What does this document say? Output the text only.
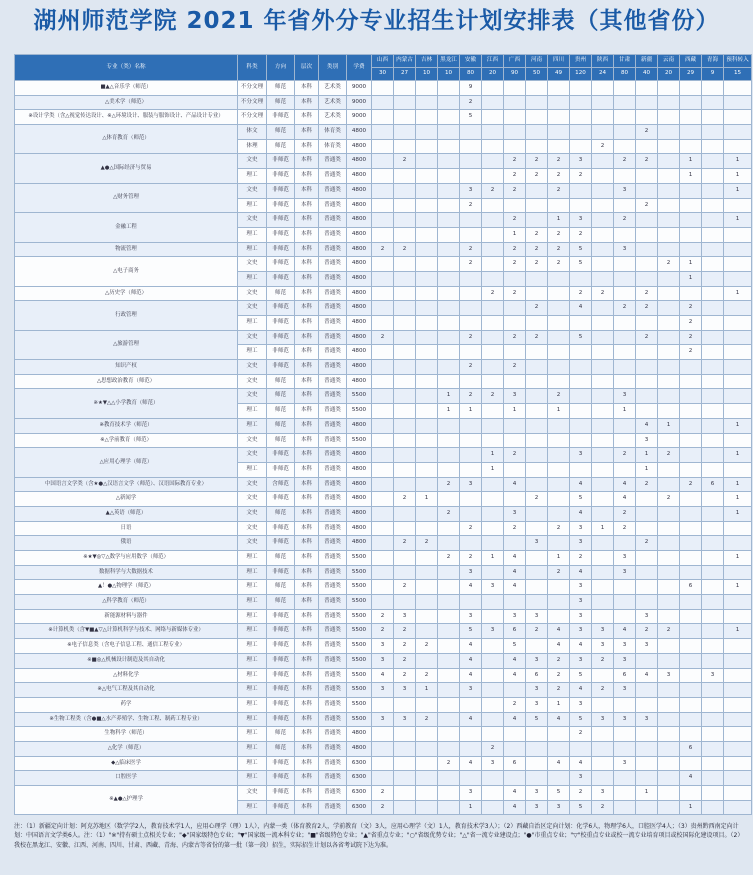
湖州师范学院 2021 年省外分专业招生计划安排表（其他省份）
专业（类）名称	科类	方向	层次	类别	学费	山西	内蒙古	吉林	黑龙江	安徽	江西	广西	河南	四川	贵州	陕西	甘肃	新疆	云南	西藏	青海	预科转入
						30	27	10	10	80	20	90	50	49	120	24	80	40	20	29	9	15
■▲△音乐学（师范）	不分文理	师范	本科	艺术类	9000					9												
△美术学（师范）	不分文理	师范	本科	艺术类	9000					2												
※设计学类（含△视觉传达设计、※△环境设计、服装与服饰设计、产品设计专业）	不分文理	非师范	本科	艺术类	9000					5												
△体育教育（师范）	体文	师范	本科	体育类	4800													2				
	体理	师范	本科	体育类	4800											2						
▲●△国际经济与贸易	文史	非师范	本科	普通类	4800		2					2	2	2	3		2	2		1		1
	理工	非师范	本科	普通类	4800							2	2	2	2					1		1
△财务管理	文史	非师范	本科	普通类	4800					3	2	2		2			3					1
	理工	非师范	本科	普通类	4800					2								2				
金融工程	文史	非师范	本科	普通类	4800							2		1	3		2					1
	理工	非师范	本科	普通类	4800							1	2	2	2							
物流管理	理工	非师范	本科	普通类	4800	2	2			2		2	2	2	5		3					
△电子商务	文史	非师范	本科	普通类	4800					2		2	2	2	5				2	1		
	理工	非师范	本科	普通类	4800															1		
△历史学（师范）	文史	师范	本科	普通类	4800						2	2			2	2		2				1
行政管理	文史	非师范	本科	普通类	4800								2		4		2	2		2		
	理工	非师范	本科	普通类	4800															2		
△旅游管理	文史	非师范	本科	普通类	4800	2				2		2	2		5			2		2		
	理工	非师范	本科	普通类	4800															2		
知识产权	文史	非师范	本科	普通类	4800					2		2										
△思想政治教育（师范）	文史	师范	本科	普通类	4800																	
※★▼△△小学教育（师范）	文史	师范	本科	普通类	5500				1	2	2	3		2			3					
	理工	师范	本科	普通类	5500				1	1		1		1			1					
※教育技术学（师范）	理工	师范	本科	普通类	4800													4	1			1
※△学前教育（师范）	文史	师范	本科	普通类	5500													3				
△应用心理学（师范）	文史	非师范	本科	普通类	4800						1	2			3		2	1	2			1
	理工	非师范	本科	普通类	4800						1							1				
中国语言文学类（含★●△汉语言文学（师范）、汉语国际教育专业）	文史	含师范	本科	普通类	4800				2	3		4			4		4	2		2	6	1
△新闻学	文史	非师范	本科	普通类	4800		2	1					2		5		4		2			1
▲△英语（师范）	文史	师范	本科	普通类	4800				2			3			4		2					1
日语	文史	非师范	本科	普通类	4800					2		2		2	3	1	2					
俄语	文史	非师范	本科	普通类	4800		2	2					3		3			2				
※★▼◎▽△数学与应用数学（师范）	理工	师范	本科	普通类	5500				2	2	1	4		1	2		3					1
数据科学与大数据技术	理工	非师范	本科	普通类	5500					3		4		2	4		3					
▲！●△物理学（师范）	理工	师范	本科	普通类	5500		2			4	3	4			3					6		1
△科学教育（师范）	理工	师范	本科	普通类	5500										3							
新能源材料与器件	理工	非师范	本科	普通类	5500	2	3			3		3	3		3			3				
※计算机类（含▼■▲▽△计算机科学与技术、网络与新媒体专业）	理工	非师范	本科	普通类	5500	2	2			5	3	6	2	4	3	3	4	2	2			1
※电子信息类（含电子信息工程、通信工程专业）	理工	非师范	本科	普通类	5500	3	2	2		4		5		4	4	3	3	3				
※■◎△机械设计制造及其自动化	理工	非师范	本科	普通类	5500	3	2			4		4	3	2	3	2	3					
△材料化学	理工	非师范	本科	普通类	5500	4	2	2		4		4	6	2	5		6	4	3		3	
※△电气工程及其自动化	理工	非师范	本科	普通类	5500	3	3	1		3			3	2	4	2	3					
药学	理工	非师范	本科	普通类	5500							2	3	1	3							
※生物工程类（含●■△水产养殖学、生物工程、制药工程专业）	理工	非师范	本科	普通类	5500	3	3	2		4		4	5	4	5	3	3	3				
生物科学（师范）	理工	师范	本科	普通类	4800										2							
△化学（师范）	理工	师范	本科	普通类	4800						2									6		
◆△临床医学	理工	非师范	本科	普通类	6300				2	4	3	6		4	4		3					
口腔医学	理工	非师范	本科	普通类	6300										3					4		
※▲●△护理学	文史	非师范	本科	普通类	6300	2				3		4	3	5	2	3		1				
	理工	非师范	本科	普通类	6300	2				1		4	3	3	5	2				1		
注：（1）新疆定向计划：阿克苏地区（数学学2人，教育技术学1人，应用心理学（理）1人），内蒙一类（体育教育2人，学前教育（文）3人，应用心理学（文）1人，教育技术学3人）；（2）西藏自治区定向计划：化学6人，物理学6人，口腔医学4人；（3）贵州黔西南定向计划：中国语言文学类6人。注：（1）"※"持有硕士点相关专业；"◆"国家级特色专业；"▼"国家级一流本科专业；"■"省级特色专业；"▲"省重点专业；"○"省级优势专业；"△"省一流专业建设点；"●"市重点专业；"▽"校重点专业或校一流专业培育项目或校国际化建设项目。（2）我校在黑龙江、安徽、江西、河南、四川、甘肃、西藏、青海、内蒙古等省份的第一批（第一段）招生，实际招生计划以各省考试院下达为准。
